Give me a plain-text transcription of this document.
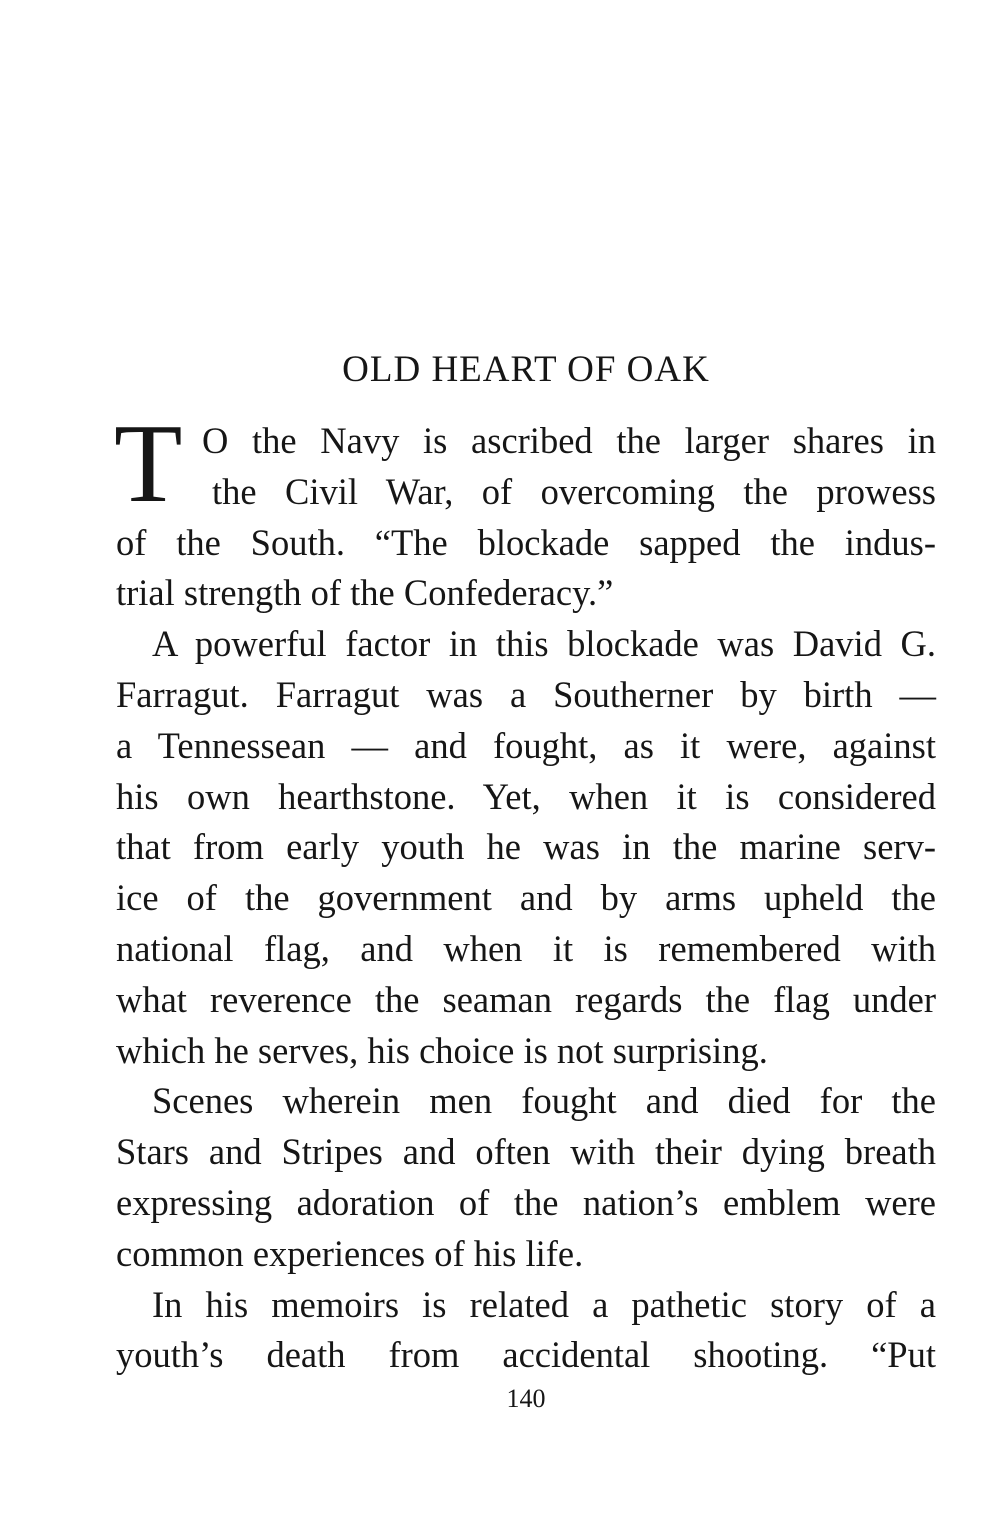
OLD HEART OF OAK
T O the Navy is ascribed the larger shares in
the Civil War, of overcoming the prowess
of the South. “The blockade sapped the indus-
trial strength of the Confederacy.”
A powerful factor in this blockade was David G.
Farragut. Farragut was a Southerner by birth —
a Tennessean — and fought, as it were, against
his own hearthstone. Yet, when it is considered
that from early youth he was in the marine serv-
ice of the government and by arms upheld the
national flag, and when it is remembered with
what reverence the seaman regards the flag under
which he serves, his choice is not surprising.
Scenes wherein men fought and died for the
Stars and Stripes and often with their dying breath
expressing adoration of the nation’s emblem were
common experiences of his life.
In his memoirs is related a pathetic story of a
youth’s death from accidental shooting. “Put
140
